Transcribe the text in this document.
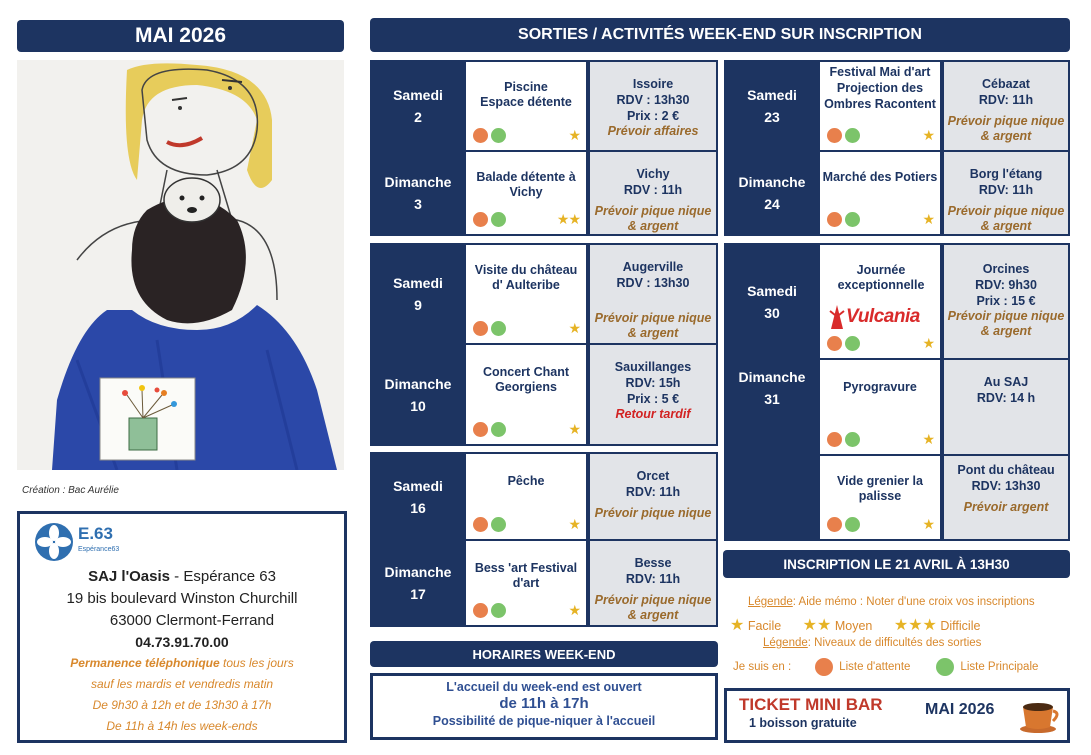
MAI 2026
Création : Bac Aurélie
E.63
Espérance63
SAJ l'Oasis - Espérance 63
19 bis boulevard Winston Churchill
63000 Clermont-Ferrand
04.73.91.70.00
Permanence téléphonique tous les jours
sauf les mardis et vendredis matin
De 9h30 à 12h et de 13h30 à 17h
De 11h à 14h les week-ends
SORTIES / ACTIVITÉS WEEK-END SUR INSCRIPTION
Samedi
2
Piscine
Espace détente
★
Issoire
RDV : 13h30
Prix : 2 €
Prévoir affaires
Dimanche
3
Balade détente à Vichy
★★
Vichy
RDV : 11h
Prévoir pique nique & argent
Samedi
9
Visite du château d' Aulteribe
★
Augerville
RDV : 13h30
Prévoir pique nique & argent
Dimanche
10
Concert Chant Georgiens
★
Sauxillanges
RDV: 15h
Prix : 5 €
Retour tardif
Samedi
16
Pêche
★
Orcet
RDV: 11h
Prévoir pique nique
Dimanche
17
Bess 'art Festival d'art
★
Besse
RDV: 11h
Prévoir pique nique & argent
Samedi
23
Festival Mai d'art Projection des Ombres Racontent
★
Cébazat
RDV: 11h
Prévoir pique nique & argent
Dimanche
24
Marché des Potiers
★
Borg l'étang
RDV: 11h
Prévoir pique nique & argent
Samedi
30
Journée exceptionnelle
Vulcania
★
Orcines
RDV: 9h30
Prix : 15 €
Prévoir pique nique & argent
Dimanche
31
Pyrogravure
★
Au SAJ
RDV: 14 h
Vide grenier la palisse
★
Pont du château
RDV: 13h30
Prévoir argent
HORAIRES WEEK-END
L'accueil du week-end est ouvert
de 11h à 17h
Possibilité de pique-niquer à l'accueil
INSCRIPTION LE 21 AVRIL À 13H30
Légende: Aide mémo : Noter d'une croix vos inscriptions
★ Facile ★★ Moyen ★★★ Difficile
Légende: Niveaux de difficultés des sorties
Je suis en :	Liste d'attente	Liste Principale
TICKET MINI BAR
1 boisson gratuite
MAI 2026
